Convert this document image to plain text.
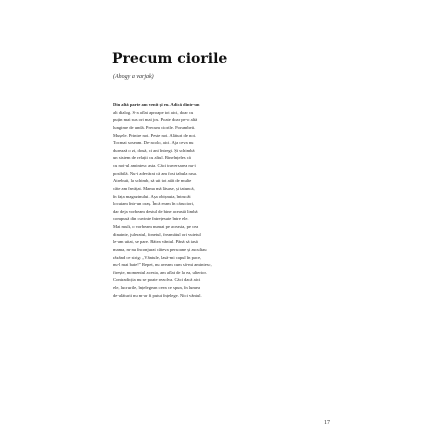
Precum ciorile

(Ahogy a varjak)

Din altă parte am venit și eu. Adică dintr-un
alt dialog. S-a aflat aproape tot aici, doar cu
puțin mai sus ori mai jos. Poate doar pe-o altă
lungime de undă. Precum ciorile. Porumbeii.
Mușele. Printre noi. Peste noi. Alături de noi.
Tocmai soseam. De-acolo, aici. Aja ceva nu
durează o zi, două, ci ani întregi. Și schimbă
un sistem de relații cu altul. Binelnțeles că
cu noi-ul amintesc asta. Căci traversarea nu-i
posibilă. Nu-i adevărat că am fost tabula rasa.
Atrebuit, la schimb, să uit tot atât de multe
câte am învățat. Mama mă lăsase, și tatuncă,
în fața magazinului. Așa obișnuia, întrucât
locuiam într-un oraș. Încă eram în căruciori,
dar deja vorbeam destul de bine această limbă
compusă din cuvinte întrețesute între ele.
Mai mult, o vorbeam numai pe aceasta, pe cea
dinainte, juleratul, fonetul, freamătul ori vuietul
le-am uitat, se pare. Bătea vântul. Până să iasă
mama, m-au înconjurat câteva persoane și ascultau
râzând ce strig: „Vântule, lasă-mi capul în pace,
nu-l mai bate!” Repet, nu aveam cum să-mi amintesc,
firește, momentul acesta, am aflat de la ea, ulterior.
Contradicția nu se poate rezolva. Căci dacă aici
ele, lucrurile, înțelegean ceea ce spun, în lumea
de-alăturii nu m-ar fi putut înțelege. Nici vântul.

17
